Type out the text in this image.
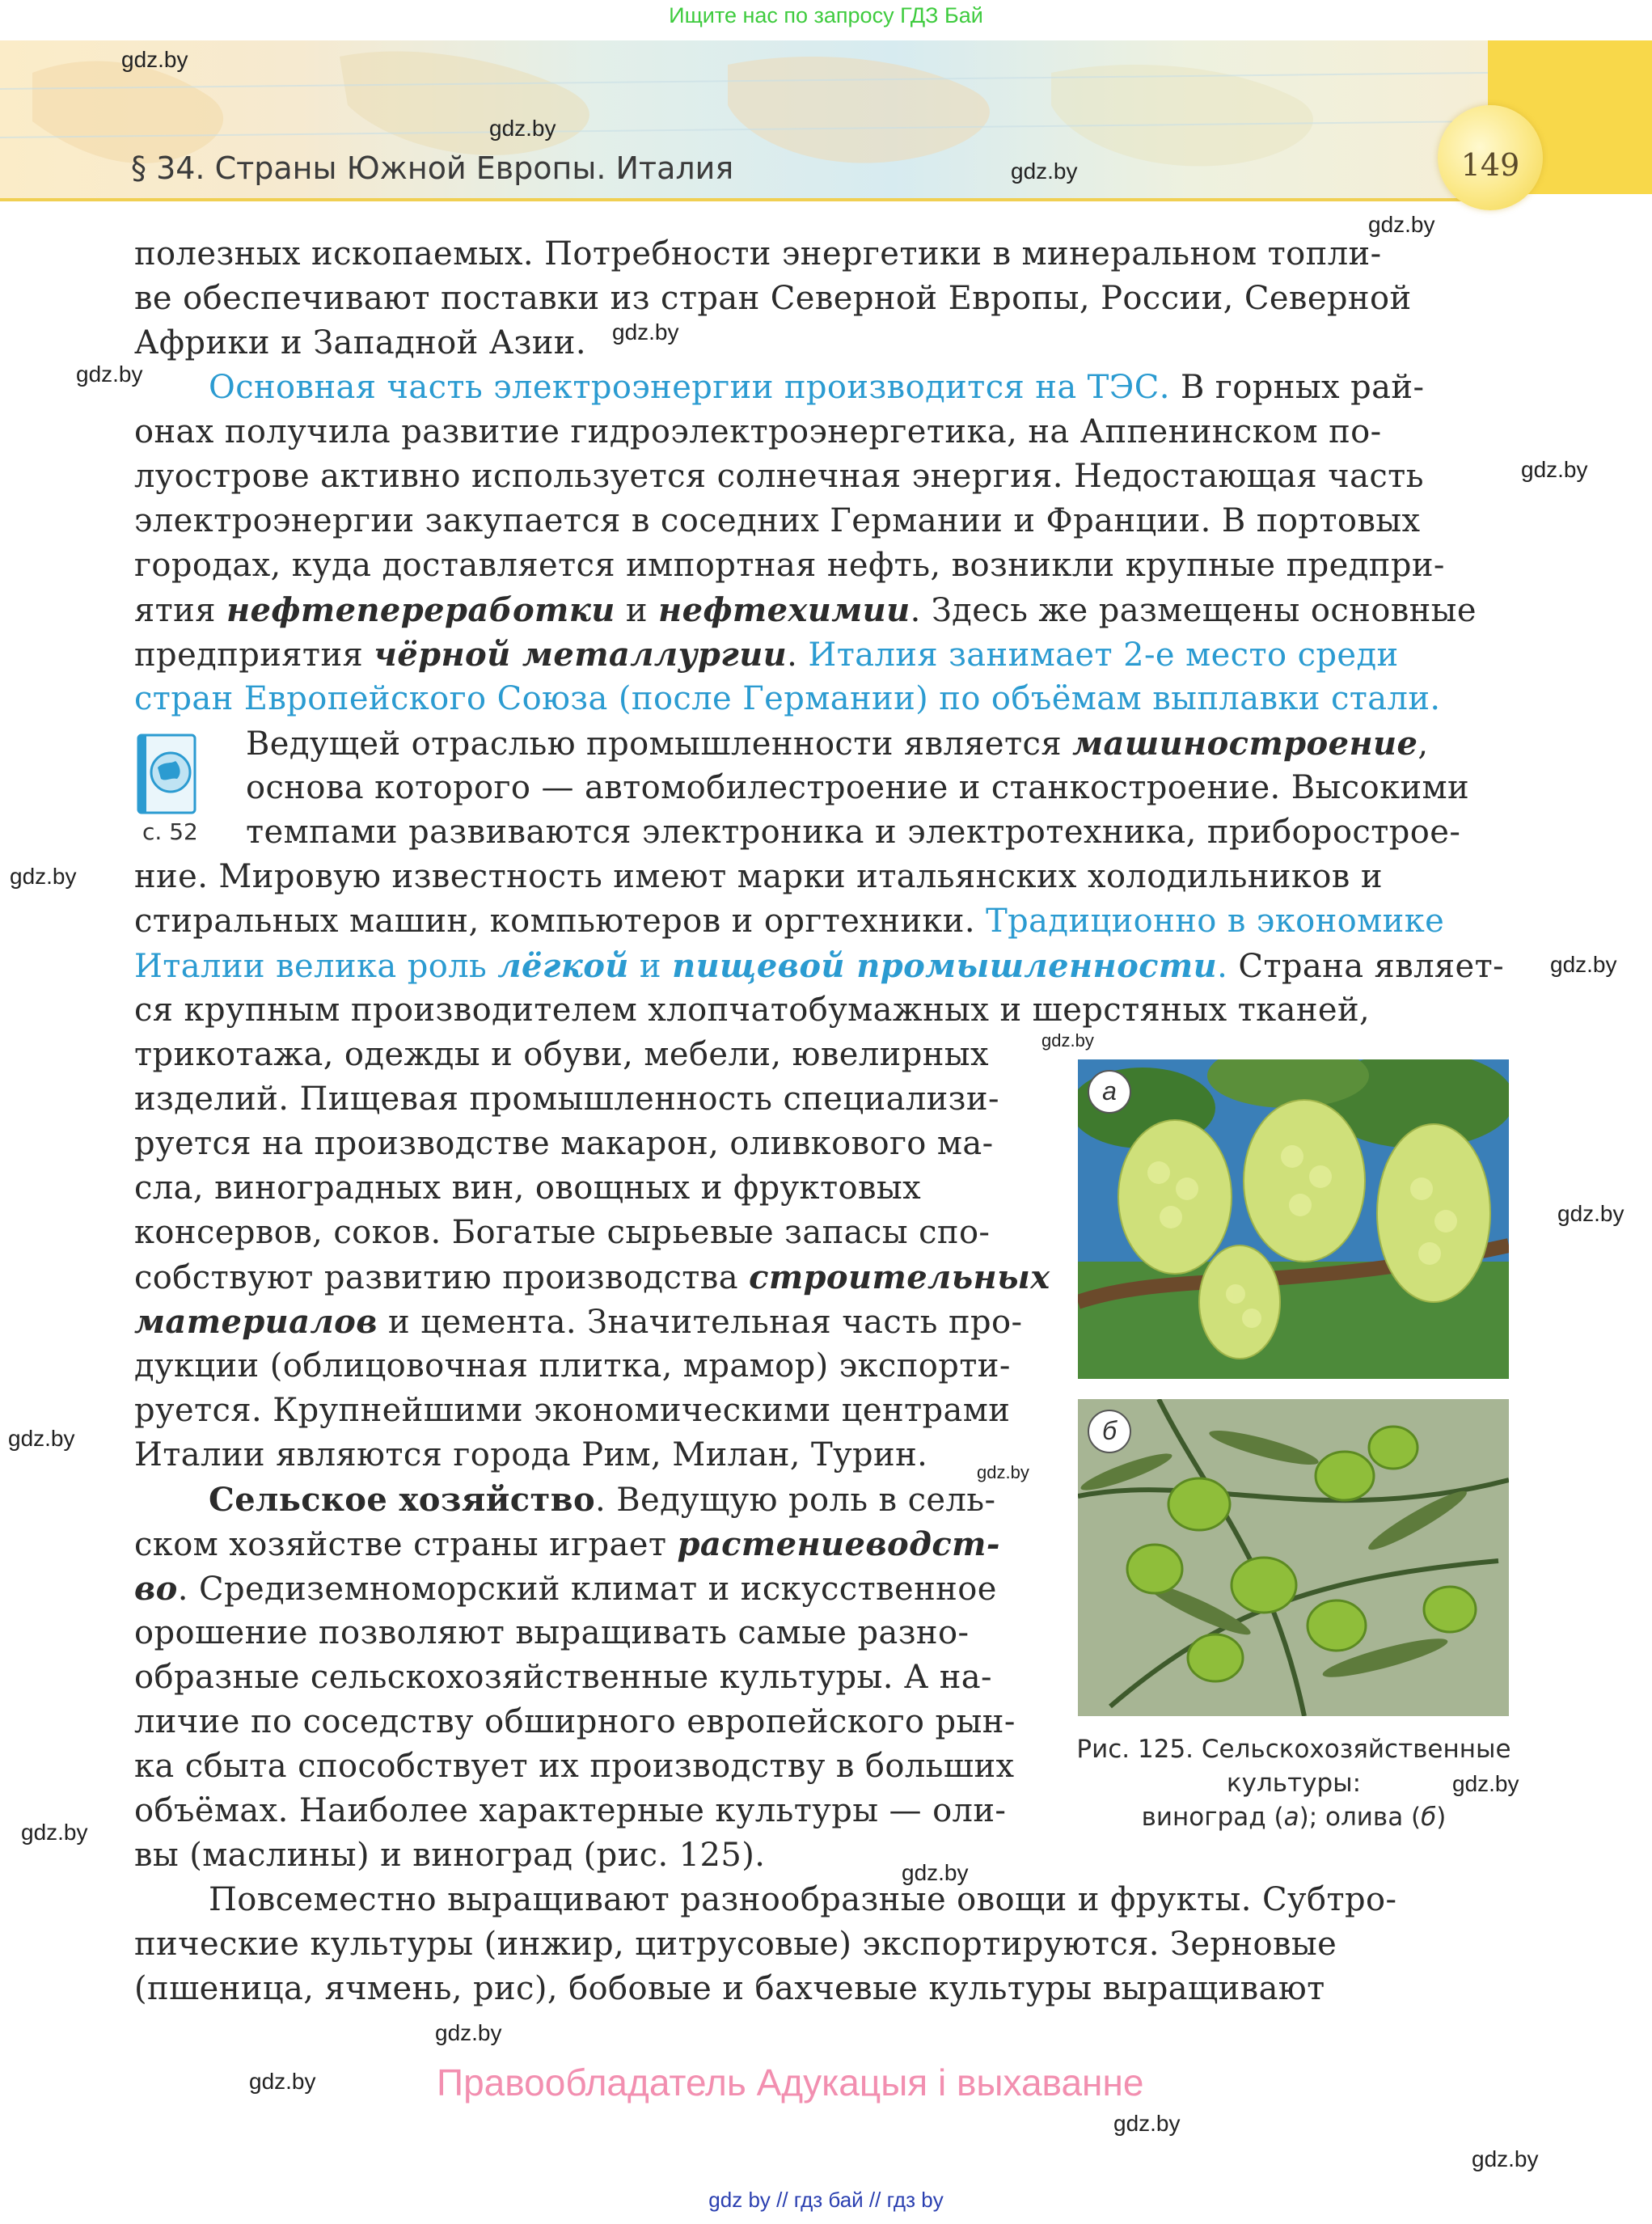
Ищите нас по запросу ГДЗ Бай
149
§ 34. Страны Южной Европы. Италия
полезных ископаемых. Потребности энергетики в минеральном топли-
ве обеспечивают поставки из стран Северной Европы, России, Северной
Африки и Западной Азии.
Основная часть электроэнергии производится на ТЭС. В горных рай-
онах получила развитие гидроэлектроэнергетика, на Аппенинском по-
луострове активно используется солнечная энергия. Недостающая часть
электроэнергии закупается в соседних Германии и Франции. В портовых
городах, куда доставляется импортная нефть, возникли крупные предпри-
ятия нефтепереработки и нефтехимии. Здесь же размещены основные
предприятия чёрной металлургии. Италия занимает 2-е место среди
стран Европейского Союза (после Германии) по объёмам выплавки стали.
с. 52
Ведущей отраслью промышленности является машиностроение,
основа которого — автомобилестроение и станкостроение. Высокими
темпами развиваются электроника и электротехника, приборострое-
ние. Мировую известность имеют марки итальянских холодильников и
стиральных машин, компьютеров и оргтехники. Традиционно в экономике
Италии велика роль лёгкой и пищевой промышленности. Страна являет-
ся крупным производителем хлопчатобумажных и шерстяных тканей,
трикотажа, одежды и обуви, мебели, ювелирных
изделий. Пищевая промышленность специализи-
руется на производстве макарон, оливкового ма-
сла, виноградных вин, овощных и фруктовых
консервов, соков. Богатые сырьевые запасы спо-
собствуют развитию производства строительных
материалов и цемента. Значительная часть про-
дукции (облицовочная плитка, мрамор) экспорти-
руется. Крупнейшими экономическими центрами
Италии являются города Рим, Милан, Турин.
Сельское хозяйство. Ведущую роль в сель-
ском хозяйстве страны играет растениеводст-
во. Средиземноморский климат и искусственное
орошение позволяют выращивать самые разно-
образные сельскохозяйственные культуры. А на-
личие по соседству обширного европейского рын-
ка сбыта способствует их производству в больших
объёмах. Наиболее характерные культуры — оли-
вы (маслины) и виноград (рис. 125).
Повсеместно выращивают разнообразные овощи и фрукты. Субтро-
пические культуры (инжир, цитрусовые) экспортируются. Зерновые
(пшеница, ячмень, рис), бобовые и бахчевые культуры выращивают
а
б
Рис. 125. Сельскохозяйственные
культуры:
виноград (а); олива (б)
gdz.by
gdz.by
gdz.by
gdz.by
gdz.by
gdz.by
gdz.by
gdz.by
gdz.by
gdz.by
gdz.by
gdz.by
gdz.by
gdz.by
gdz.by
gdz.by
gdz.by
gdz.by
gdz.by
gdz.by
Правообладатель Адукацыя і выхаванне
gdz by // гдз бай // гдз by
